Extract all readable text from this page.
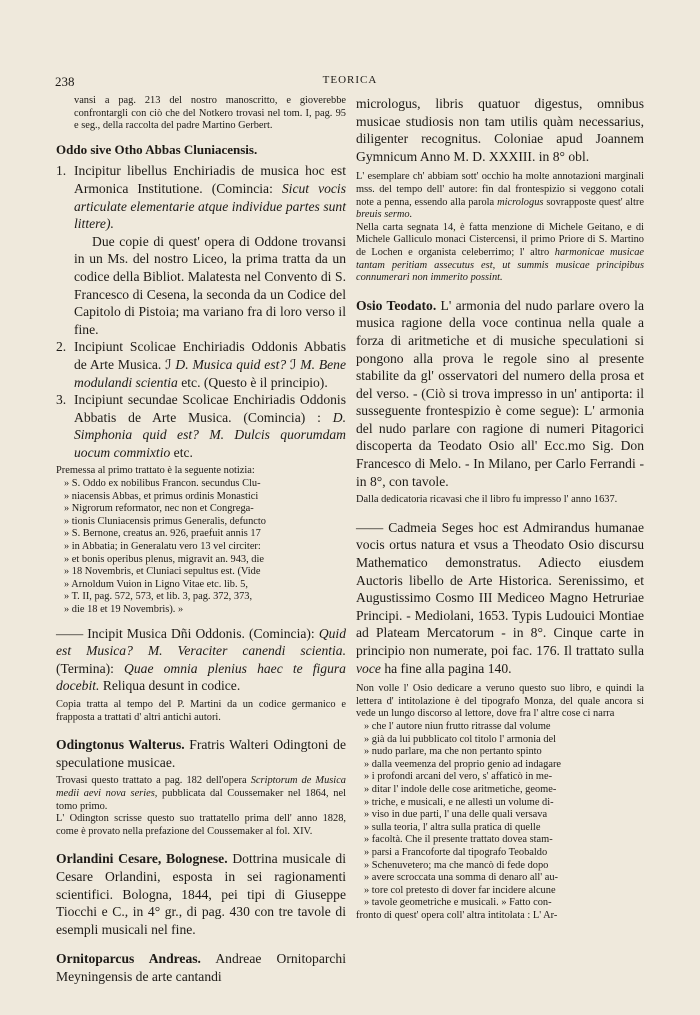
238	TEORICA

vansi a pag. 213 del nostro manoscritto, e gioverebbe confrontargli con ciò che del Notkero trovasi nel tom. I, pag. 95 e seg., della raccolta del padre Martino Gerbert.

Oddo sive Otho Abbas Cluniacensis.

1. Incipitur libellus Enchiriadis de musica hoc est Armonica Institutione. (Comincia: Sicut vocis articulate elementarie atque individue partes sunt littere).
Due copie di quest' opera di Oddone trovansi in un Ms. del nostro Liceo, la prima tratta da un codice della Bibliot. Malatesta nel Convento di S. Francesco di Cesena, la seconda da un Codice del Capitolo di Pistoia; ma variano fra di loro verso il fine.
2. Incipiunt Scolicae Enchiriadis Oddonis Abbatis de Arte Musica. ℐ D. Musica quid est? ℐ M. Bene modulandi scientia etc. (Questo è il principio).
3. Incipiunt secundae Scolicae Enchiriadis Oddonis Abbatis de Arte Musica. (Comincia) : D. Simphonia quid est? M. Dulcis quorumdam uocum commixtio etc.
Premessa al primo trattato è la seguente notizia:
» S. Oddo ex nobilibus Francon. secundus Clu-
» niacensis Abbas, et primus ordinis Monastici
» Nigrorum reformator, nec non et Congrega-
» tionis Cluniacensis primus Generalis, defuncto
» S. Bernone, creatus an. 926, praefuit annis 17
» in Abbatia; in Generalatu vero 13 vel circiter:
» et bonis operibus plenus, migravit an. 943, die
» 18 Novembris, et Cluniaci sepultus est. (Vide
» Arnoldum Vuion in Ligno Vitae etc. lib. 5,
» T. II, pag. 572, 573, et lib. 3, pag. 372, 373,
» die 18 et 19 Novembris). »

—— Incipit Musica Dñi Oddonis. (Comincia): Quid est Musica? M. Veraciter canendi scientia. (Termina): Quae omnia plenius haec te figura docebit. Reliqua desunt in codice.

Copia tratta al tempo del P. Martini da un codice germanico e frapposta a trattati d' altri antichi autori.

Odingtonus Walterus. Fratris Walteri Odingtoni de speculatione musicae.

Trovasi questo trattato a pag. 182 dell'opera Scriptorum de Musica medii aevi nova series, pubblicata dal Coussemaker nel 1864, nel tomo primo.

L' Odington scrisse questo suo trattatello prima dell' anno 1828, come è provato nella prefazione del Coussemaker al fol. XIV.

Orlandini Cesare, Bolognese. Dottrina musicale di Cesare Orlandini, esposta in sei ragionamenti scientifici. Bologna, 1844, pei tipi di Giuseppe Tiocchi e C., in 4° gr., di pag. 430 con tre tavole di esempli musicali nel fine.

Ornitoparcus Andreas. Andreae Ornitoparchi Meyningensis de arte cantandi

micrologus, libris quatuor digestus, omnibus musicae studiosis non tam utilis quàm necessarius, diligenter recognitus. Coloniae apud Joannem Gymnicum Anno M. D. XXXIII. in 8° obl.

L' esemplare ch' abbiam sott' occhio ha molte annotazioni marginali mss. del tempo dell' autore: fin dal frontespizio si veggono cotali note a penna, essendo alla parola micrologus sovrapposte quest' altre breuis sermo.

Nella carta segnata 14, è fatta menzione di Michele Geitano, e di Michele Galliculo monaci Cistercensi, il primo Priore di S. Martino de Lochen e organista celeberrimo; l' altro harmonicae musicae tantam peritiam assecutus est, ut summis musicae principibus connumerari non immerito possint.

Osio Teodato. L' armonia del nudo parlare overo la musica ragione della voce continua nella quale a forza di aritmetiche et di musiche speculationi si pongono alla prova le regole sino al presente stabilite da gl' osservatori del numero della prosa et del verso. - (Ciò si trova impresso in un' antiporta: il susseguente frontespizio è come segue): L' armonia del nudo parlare con ragione di numeri Pitagorici discoperta da Teodato Osio all' Ecc.mo Sig. Don Francesco di Melo. - In Milano, per Carlo Ferrandi - in 8°, con tavole.

Dalla dedicatoria ricavasi che il libro fu impresso l' anno 1637.

—— Cadmeia Seges hoc est Admirandus humanae vocis ortus natura et vsus a Theodato Osio discursu Mathematico demonstratus. Adiecto eiusdem Auctoris libello de Arte Historica. Serenissimo, et Augustissimo Cosmo III Mediceo Magno Hetruriae Principi. - Mediolani, 1653. Typis Ludouici Montiae ad Plateam Mercatorum - in 8°. Cinque carte in principio non numerate, poi fac. 176. Il trattato sulla voce ha fine alla pagina 140.

Non volle l' Osio dedicare a veruno questo suo libro, e quindi la lettera d' intitolazione è del tipografo Monza, del quale ancora si vede un lungo discorso al lettore, dove fra l' altre cose ci narra
» che l' autore niun frutto ritrasse dal volume
» già da lui pubblicato col titolo l' armonia del
» nudo parlare, ma che non pertanto spinto
» dalla veemenza del proprio genio ad indagare
» i profondi arcani del vero, s' affaticò in me-
» ditar l' indole delle cose aritmetiche, geome-
» triche, e musicali, e ne allestì un volume di-
» viso in due parti, l' una delle quali versava
» sulla teoria, l' altra sulla pratica di quelle
» facoltà. Che il presente trattato dovea stam-
» parsi a Francoforte dal tipografo Teobaldo
» Schenuvetero; ma che mancò di fede dopo
» avere scroccata una somma di denaro all' au-
» tore col pretesto di dover far incidere alcune
» tavole geometriche e musicali. » Fatto con-
fronto di quest' opera coll' altra intitolata : L' Ar-
